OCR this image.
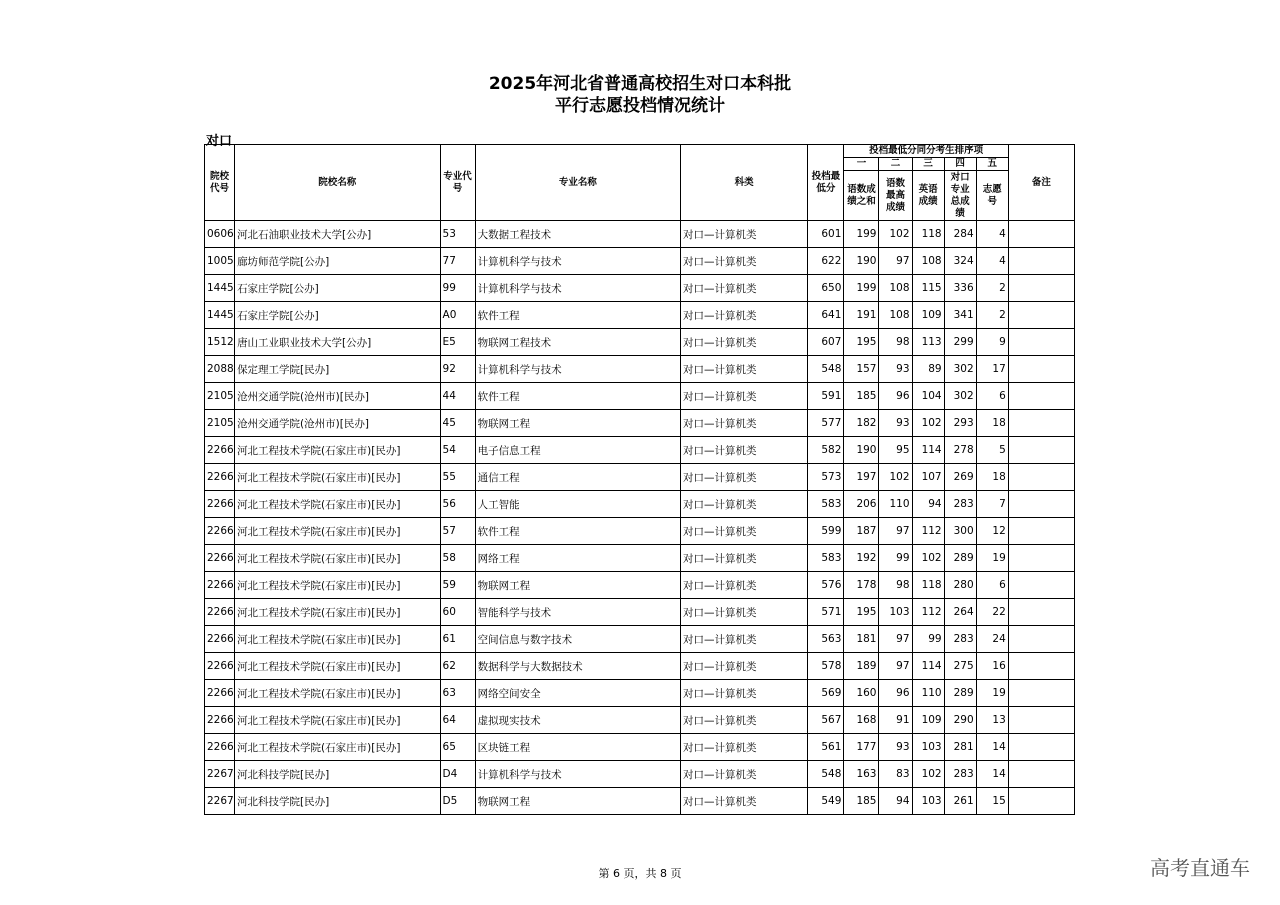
2025年河北省普通高校招生对口本科批
平行志愿投档情况统计
对口
院校代号	院校名称	专业代号	专业名称	科类	投档最低分	投档最低分同分考生排序项					备注
						一	二	三	四	五	
						语数成绩之和	语数最高成绩	英语成绩	对口专业总成绩	志愿号	
0606	河北石油职业技术大学[公办]	53	大数据工程技术	对口—计算机类	601	199	102	118	284	4	
1005	廊坊师范学院[公办]	77	计算机科学与技术	对口—计算机类	622	190	97	108	324	4	
1445	石家庄学院[公办]	99	计算机科学与技术	对口—计算机类	650	199	108	115	336	2	
1445	石家庄学院[公办]	A0	软件工程	对口—计算机类	641	191	108	109	341	2	
1512	唐山工业职业技术大学[公办]	E5	物联网工程技术	对口—计算机类	607	195	98	113	299	9	
2088	保定理工学院[民办]	92	计算机科学与技术	对口—计算机类	548	157	93	89	302	17	
2105	沧州交通学院(沧州市)[民办]	44	软件工程	对口—计算机类	591	185	96	104	302	6	
2105	沧州交通学院(沧州市)[民办]	45	物联网工程	对口—计算机类	577	182	93	102	293	18	
2266	河北工程技术学院(石家庄市)[民办]	54	电子信息工程	对口—计算机类	582	190	95	114	278	5	
2266	河北工程技术学院(石家庄市)[民办]	55	通信工程	对口—计算机类	573	197	102	107	269	18	
2266	河北工程技术学院(石家庄市)[民办]	56	人工智能	对口—计算机类	583	206	110	94	283	7	
2266	河北工程技术学院(石家庄市)[民办]	57	软件工程	对口—计算机类	599	187	97	112	300	12	
2266	河北工程技术学院(石家庄市)[民办]	58	网络工程	对口—计算机类	583	192	99	102	289	19	
2266	河北工程技术学院(石家庄市)[民办]	59	物联网工程	对口—计算机类	576	178	98	118	280	6	
2266	河北工程技术学院(石家庄市)[民办]	60	智能科学与技术	对口—计算机类	571	195	103	112	264	22	
2266	河北工程技术学院(石家庄市)[民办]	61	空间信息与数字技术	对口—计算机类	563	181	97	99	283	24	
2266	河北工程技术学院(石家庄市)[民办]	62	数据科学与大数据技术	对口—计算机类	578	189	97	114	275	16	
2266	河北工程技术学院(石家庄市)[民办]	63	网络空间安全	对口—计算机类	569	160	96	110	289	19	
2266	河北工程技术学院(石家庄市)[民办]	64	虚拟现实技术	对口—计算机类	567	168	91	109	290	13	
2266	河北工程技术学院(石家庄市)[民办]	65	区块链工程	对口—计算机类	561	177	93	103	281	14	
2267	河北科技学院[民办]	D4	计算机科学与技术	对口—计算机类	548	163	83	102	283	14	
2267	河北科技学院[民办]	D5	物联网工程	对口—计算机类	549	185	94	103	261	15	
第 6 页，共 8 页	高考直通车
